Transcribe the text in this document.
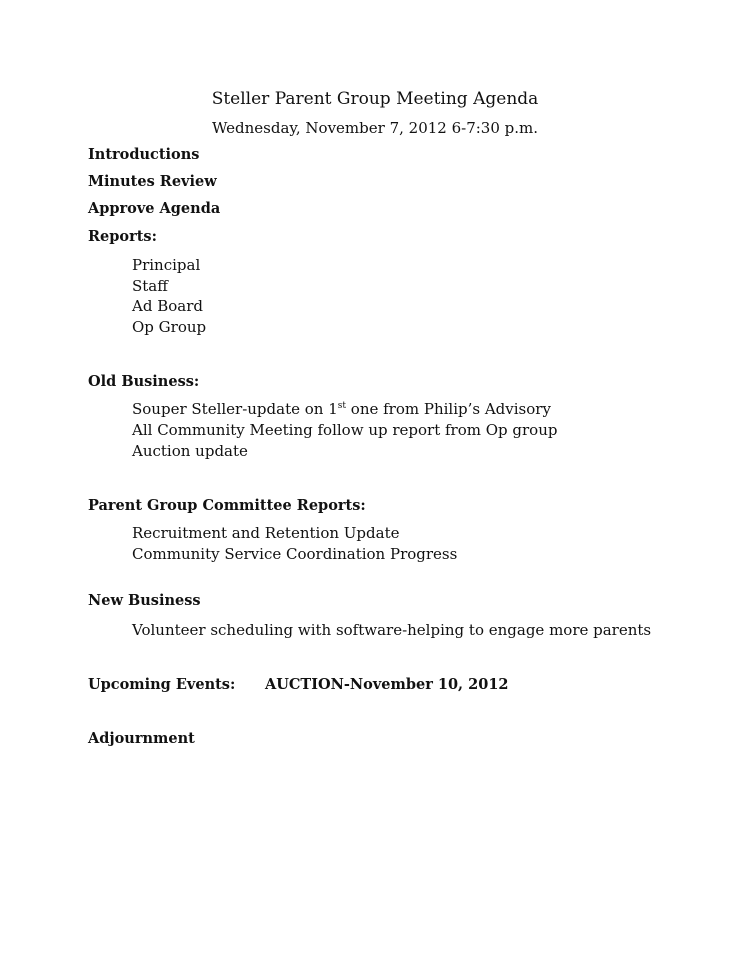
Steller Parent Group Meeting Agenda
Wednesday, November 7, 2012 6-7:30 p.m.
Introductions
Minutes Review
Approve Agenda
Reports:
Principal
Staff
Ad Board
Op Group
Old Business:
Souper Steller-update on 1st one from Philip’s Advisory
All Community Meeting follow up report from Op group
Auction update
Parent Group Committee Reports:
Recruitment and Retention Update
Community Service Coordination Progress
New Business
Volunteer scheduling with software-helping to engage more parents
Upcoming Events: AUCTION-November 10, 2012
Adjournment
